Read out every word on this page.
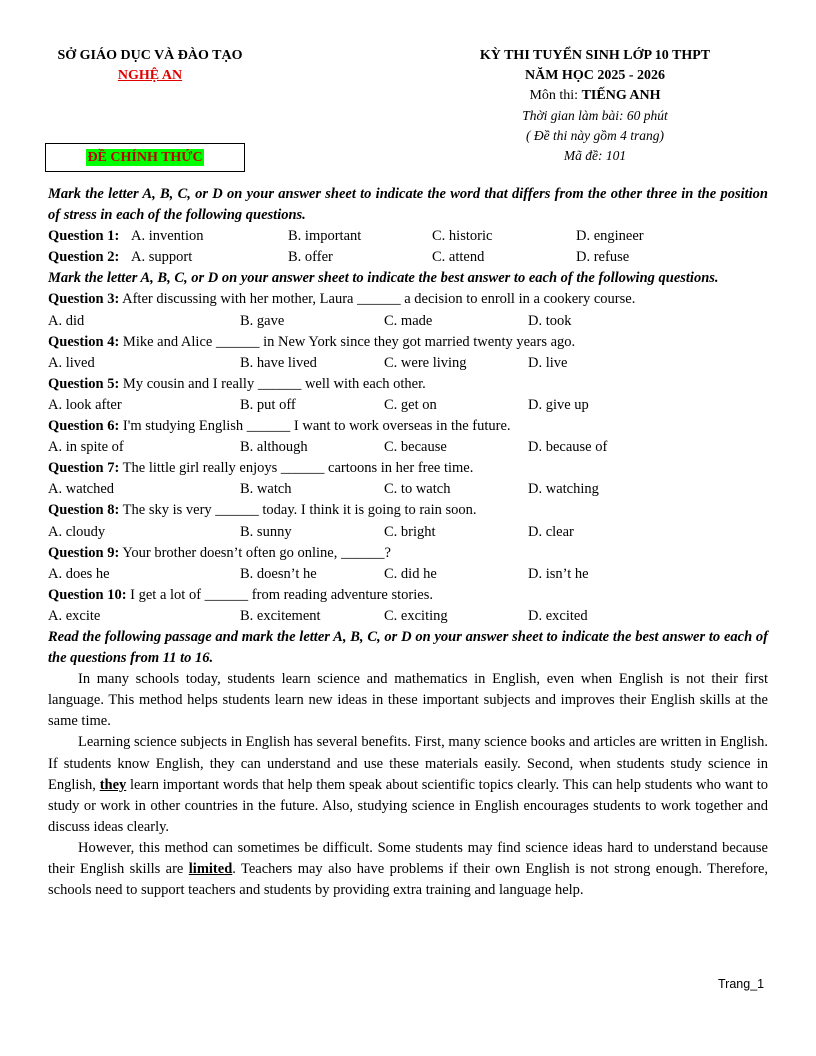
SỞ GIÁO DỤC VÀ ĐÀO TẠO
NGHỆ AN
ĐỀ CHÍNH THỨC
KỲ THI TUYỂN SINH LỚP 10 THPT
NĂM HỌC 2025 - 2026
Môn thi: TIẾNG ANH
Thời gian làm bài: 60 phút
( Đề thi này gồm 4 trang)
Mã đề: 101
Mark the letter A, B, C, or D on your answer sheet to indicate the word that differs from the other three in the position of stress in each of the following questions.
Question 1: A. invention	B. important	C. historic	D. engineer
Question 2: A. support	B. offer	C. attend	D. refuse
Mark the letter A, B, C, or D on your answer sheet to indicate the best answer to each of the following questions.
Question 3: After discussing with her mother, Laura ______ a decision to enroll in a cookery course.
A. did	B. gave	C. made	D. took
Question 4: Mike and Alice ______ in New York since they got married twenty years ago.
A. lived	B. have lived	C. were living	D. live
Question 5: My cousin and I really ______ well with each other.
A. look after	B. put off	C. get on	D. give up
Question 6: I'm studying English ______ I want to work overseas in the future.
A. in spite of	B. although	C. because	D. because of
Question 7: The little girl really enjoys ______ cartoons in her free time.
A. watched	B. watch	C. to watch	D. watching
Question 8: The sky is very ______ today. I think it is going to rain soon.
A. cloudy	B. sunny	C. bright	D. clear
Question 9: Your brother doesn’t often go online, ______?
A. does he	B. doesn’t he	C. did he	D. isn’t he
Question 10: I get a lot of ______ from reading adventure stories.
A. excite	B. excitement	C. exciting	D. excited
Read the following passage and mark the letter A, B, C, or D on your answer sheet to indicate the best answer to each of the questions from 11 to 16.
In many schools today, students learn science and mathematics in English, even when English is not their first language. This method helps students learn new ideas in these important subjects and improves their English skills at the same time.
Learning science subjects in English has several benefits. First, many science books and articles are written in English. If students know English, they can understand and use these materials easily. Second, when students study science in English, they learn important words that help them speak about scientific topics clearly. This can help students who want to study or work in other countries in the future. Also, studying science in English encourages students to work together and discuss ideas clearly.
However, this method can sometimes be difficult. Some students may find science ideas hard to understand because their English skills are limited. Teachers may also have problems if their own English is not strong enough. Therefore, schools need to support teachers and students by providing extra training and language help.
Trang_1
